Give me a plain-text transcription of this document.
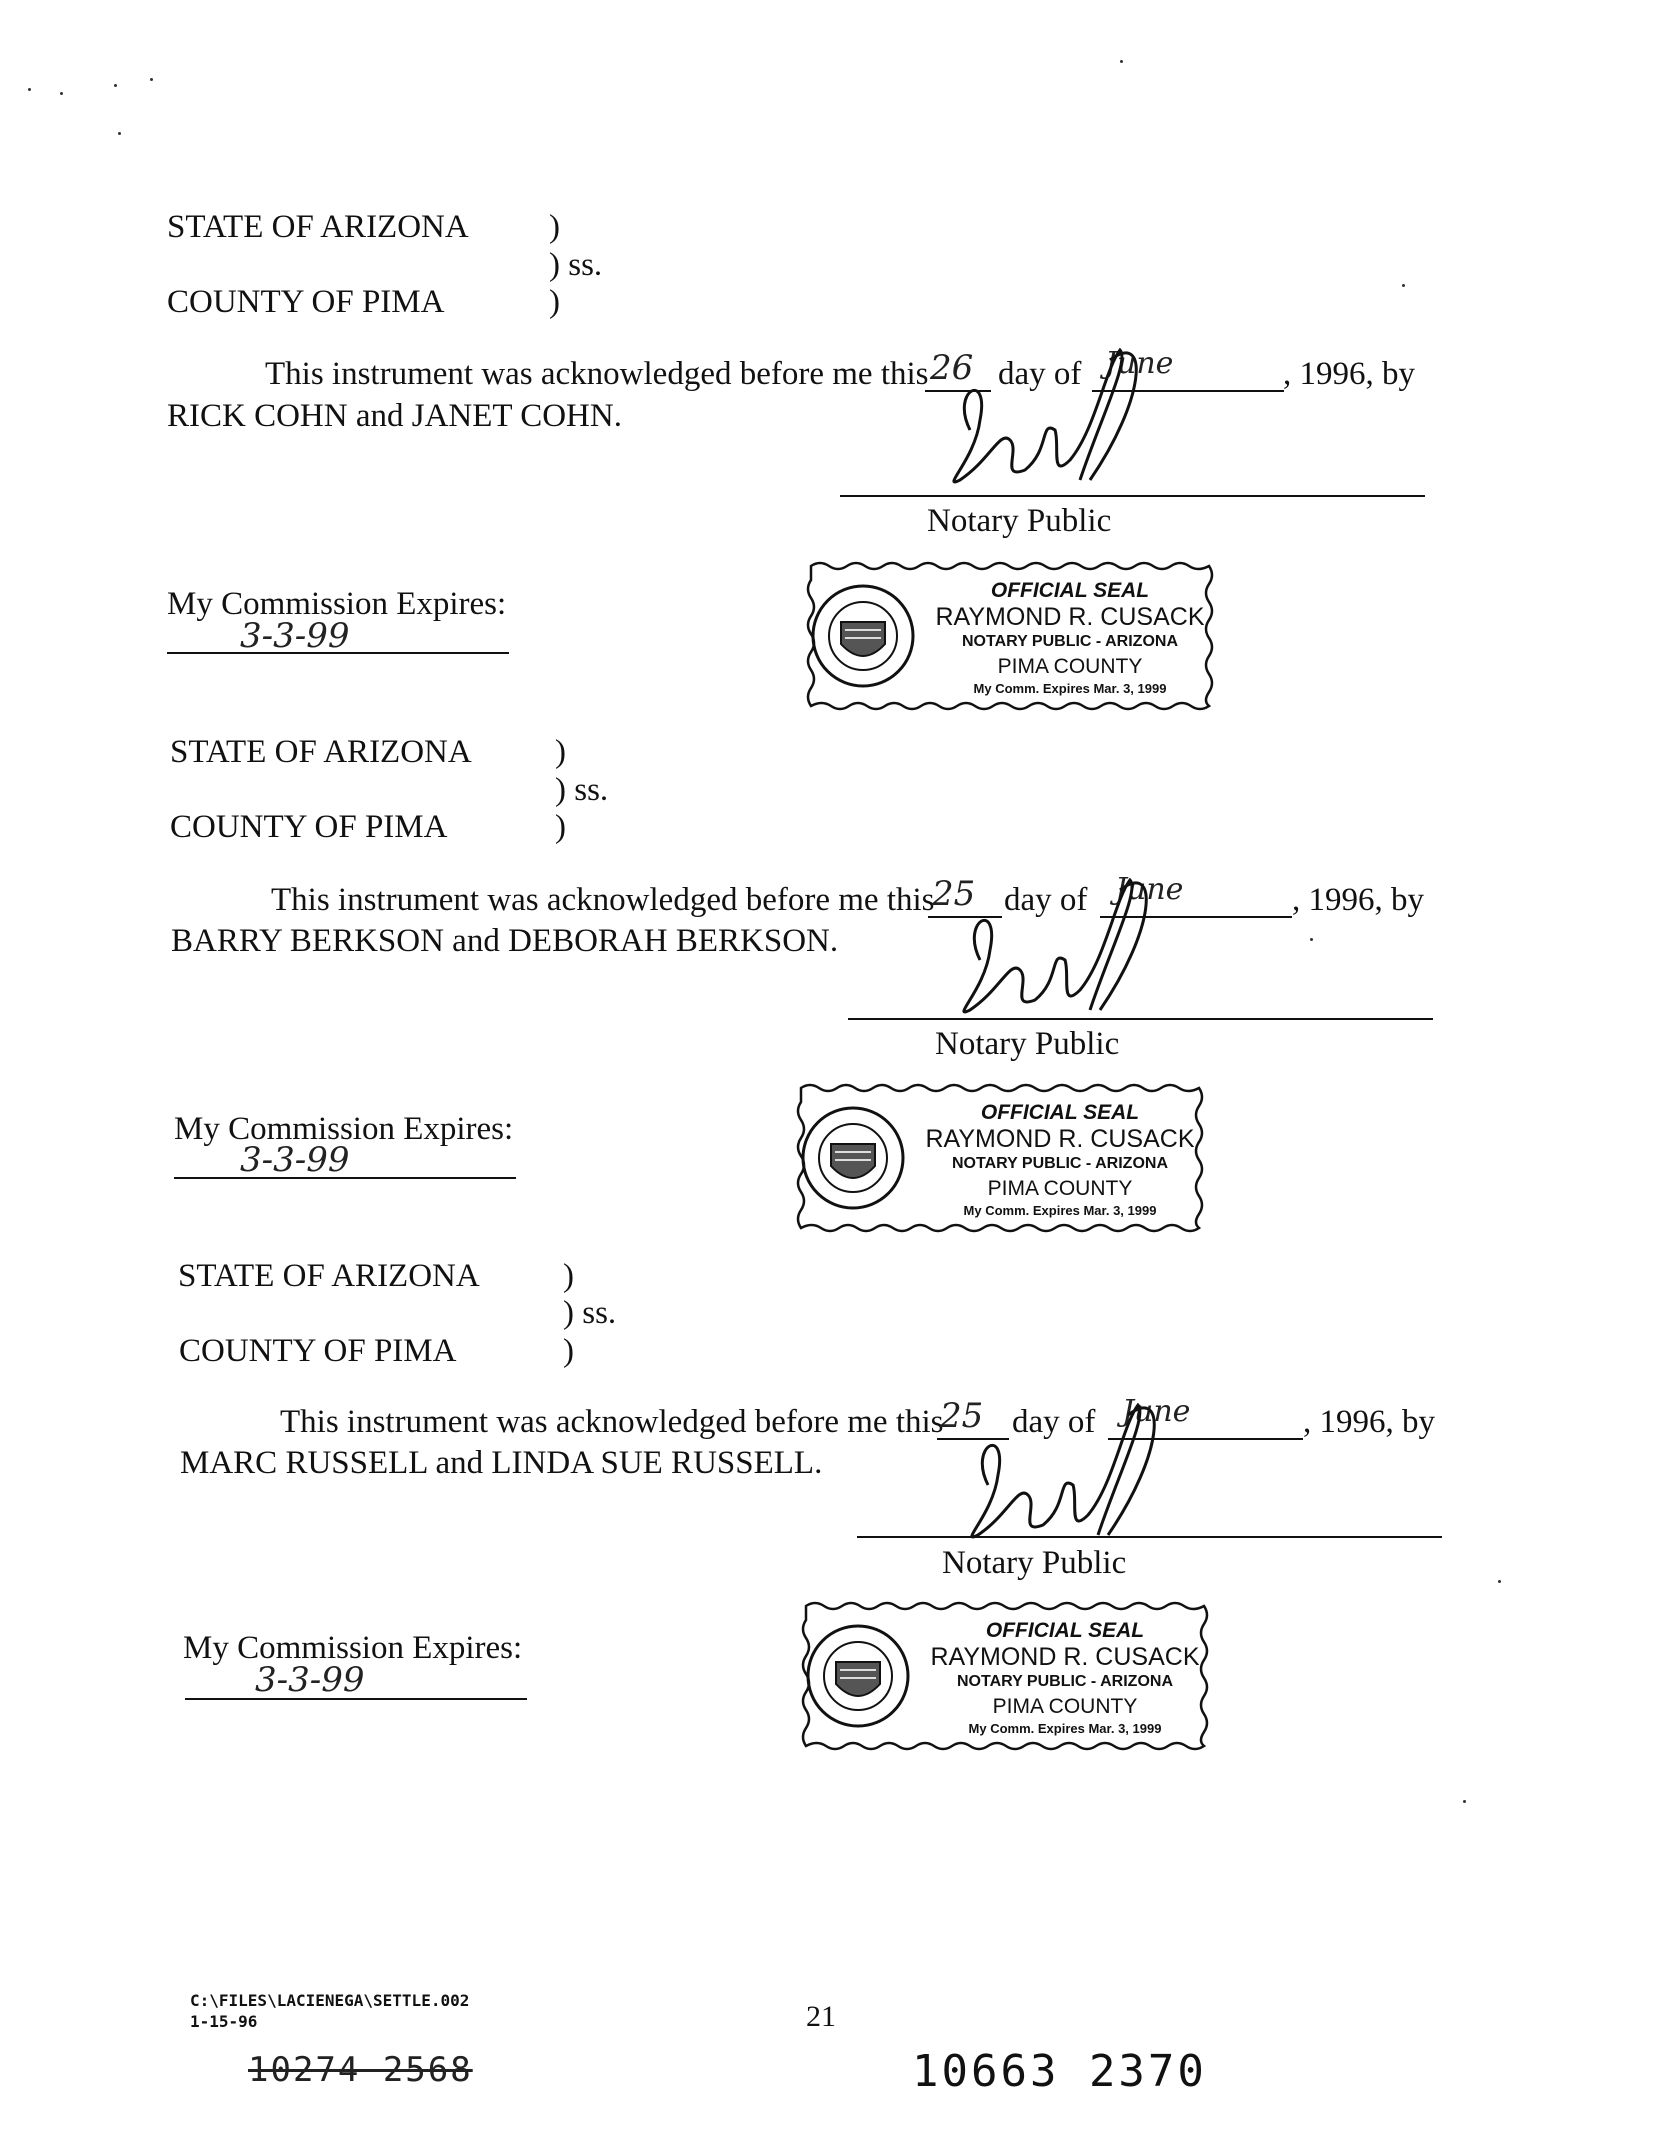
STATE OF ARIZONA )
) ss.
COUNTY OF PIMA	)
This instrument was acknowledged before me this 26 day of June	, 1996, by
RICK COHN and JANET COHN.
Notary Public
My Commission Expires:
3-3-99
STATE OF ARIZONA	)
) ss.
COUNTY OF PIMA	)
This instrument was acknowledged before me this
25 day of June	, 1996, by
BARRY BERKSON and DEBORAH BERKSON.
Notary Public
My Commission Expires:
3-3-99
STATE OF ARIZONA	)
) ss.
COUNTY OF PIMA	)
This instrument was acknowledged before me this
25 day of June	, 1996, by
MARC RUSSELL and LINDA SUE RUSSELL.
Notary Public
My Commission Expires:
3-3-99
OFFICIAL SEAL
RAYMOND R. CUSACK
NOTARY PUBLIC - ARIZONA
PIMA COUNTY
My Comm. Expires Mar. 3, 1999
OFFICIAL SEAL
RAYMOND R. CUSACK
NOTARY PUBLIC - ARIZONA
PIMA COUNTY
My Comm. Expires Mar. 3, 1999
OFFICIAL SEAL
RAYMOND R. CUSACK
NOTARY PUBLIC - ARIZONA
PIMA COUNTY
My Comm. Expires Mar. 3, 1999
C:\FILES\LACIENEGA\SETTLE.002
1-15-96	21
10274 2568	10663 2370
